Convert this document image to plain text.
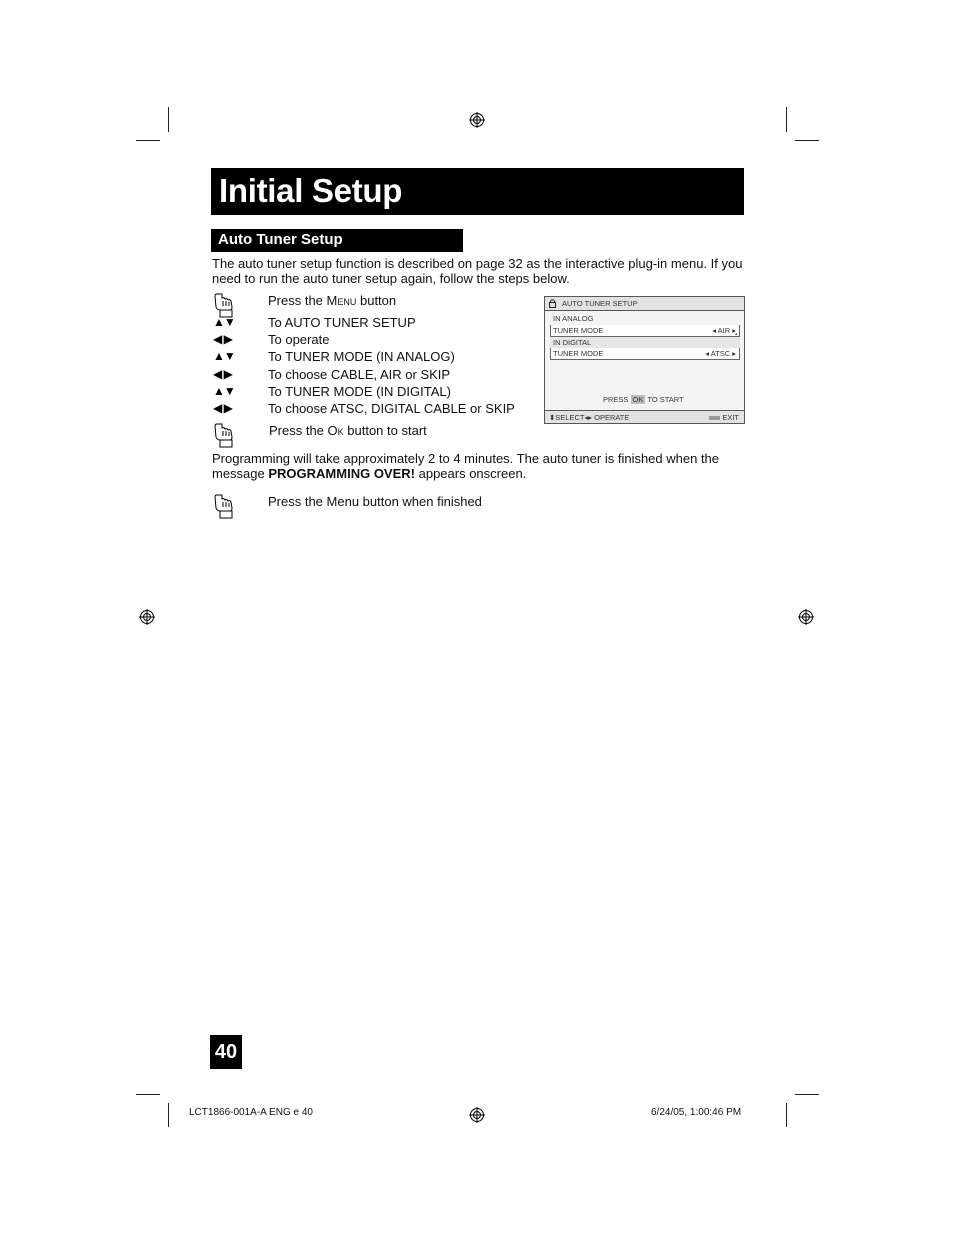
Initial Setup
Auto Tuner Setup
The auto tuner setup function is described on page 32 as the interactive plug-in menu. If you need to run the auto tuner setup again, follow the steps below.
Press the Menu button
▲▼	To AUTO TUNER SETUP
◀ ▶	To operate
▲▼	To TUNER MODE (IN ANALOG)
◀ ▶	To choose CABLE, AIR or SKIP
▲▼	To TUNER MODE (IN DIGITAL)
◀ ▶	To choose ATSC, DIGITAL CABLE or SKIP
Press the Ok button to start
AUTO TUNER SETUP
IN ANALOG
TUNER MODE	◂ AIR ▸
IN DIGITAL
TUNER MODE	◂ ATSC ▸
▪
PRESS OK TO START
⬍SELECT◂▸ OPERATE	EXIT
Programming will take approximately 2 to 4 minutes. The auto tuner is finished when the message PROGRAMMING OVER! appears onscreen.
Press the Menu button when finished
40
LCT1866-001A-A ENG e 40	6/24/05, 1:00:46 PM
